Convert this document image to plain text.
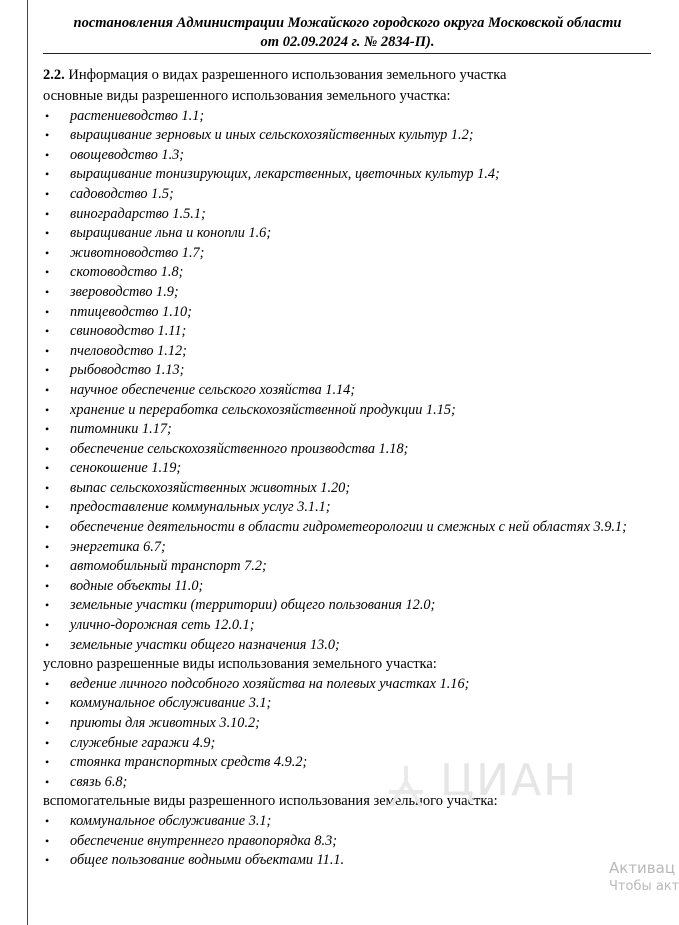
постановления Администрации Можайского городского округа Московской области
от 02.09.2024 г. № 2834-П).
2.2. Информация о видах разрешенного использования земельного участка
основные виды разрешенного использования земельного участка:
• растениеводство 1.1;
• выращивание зерновых и иных сельскохозяйственных культур 1.2;
• овощеводство 1.3;
• выращивание тонизирующих, лекарственных, цветочных культур 1.4;
• садоводство 1.5;
• виноградарство 1.5.1;
• выращивание льна и конопли 1.6;
• животноводство 1.7;
• скотоводство 1.8;
• звероводство 1.9;
• птицеводство 1.10;
• свиноводство 1.11;
• пчеловодство 1.12;
• рыбоводство 1.13;
• научное обеспечение сельского хозяйства 1.14;
• хранение и переработка сельскохозяйственной продукции 1.15;
• питомники 1.17;
• обеспечение сельскохозяйственного производства 1.18;
• сенокошение 1.19;
• выпас сельскохозяйственных животных 1.20;
• предоставление коммунальных услуг 3.1.1;
• обеспечение деятельности в области гидрометеорологии и смежных с ней областях 3.9.1;
• энергетика 6.7;
• автомобильный транспорт 7.2;
• водные объекты 11.0;
• земельные участки (территории) общего пользования 12.0;
• улично-дорожная сеть 12.0.1;
• земельные участки общего назначения 13.0;
условно разрешенные виды использования земельного участка:
• ведение личного подсобного хозяйства на полевых участках 1.16;
• коммунальное обслуживание 3.1;
• приюты для животных 3.10.2;
• служебные гаражи 4.9;
• стоянка транспортных средств 4.9.2;
• связь 6.8;
вспомогательные виды разрешенного использования земельного участка:
• коммунальное обслуживание 3.1;
• обеспечение внутреннего правопорядка 8.3;
• общее пользование водными объектами 11.1.
ЦИАН
Активац
Чтобы акт
